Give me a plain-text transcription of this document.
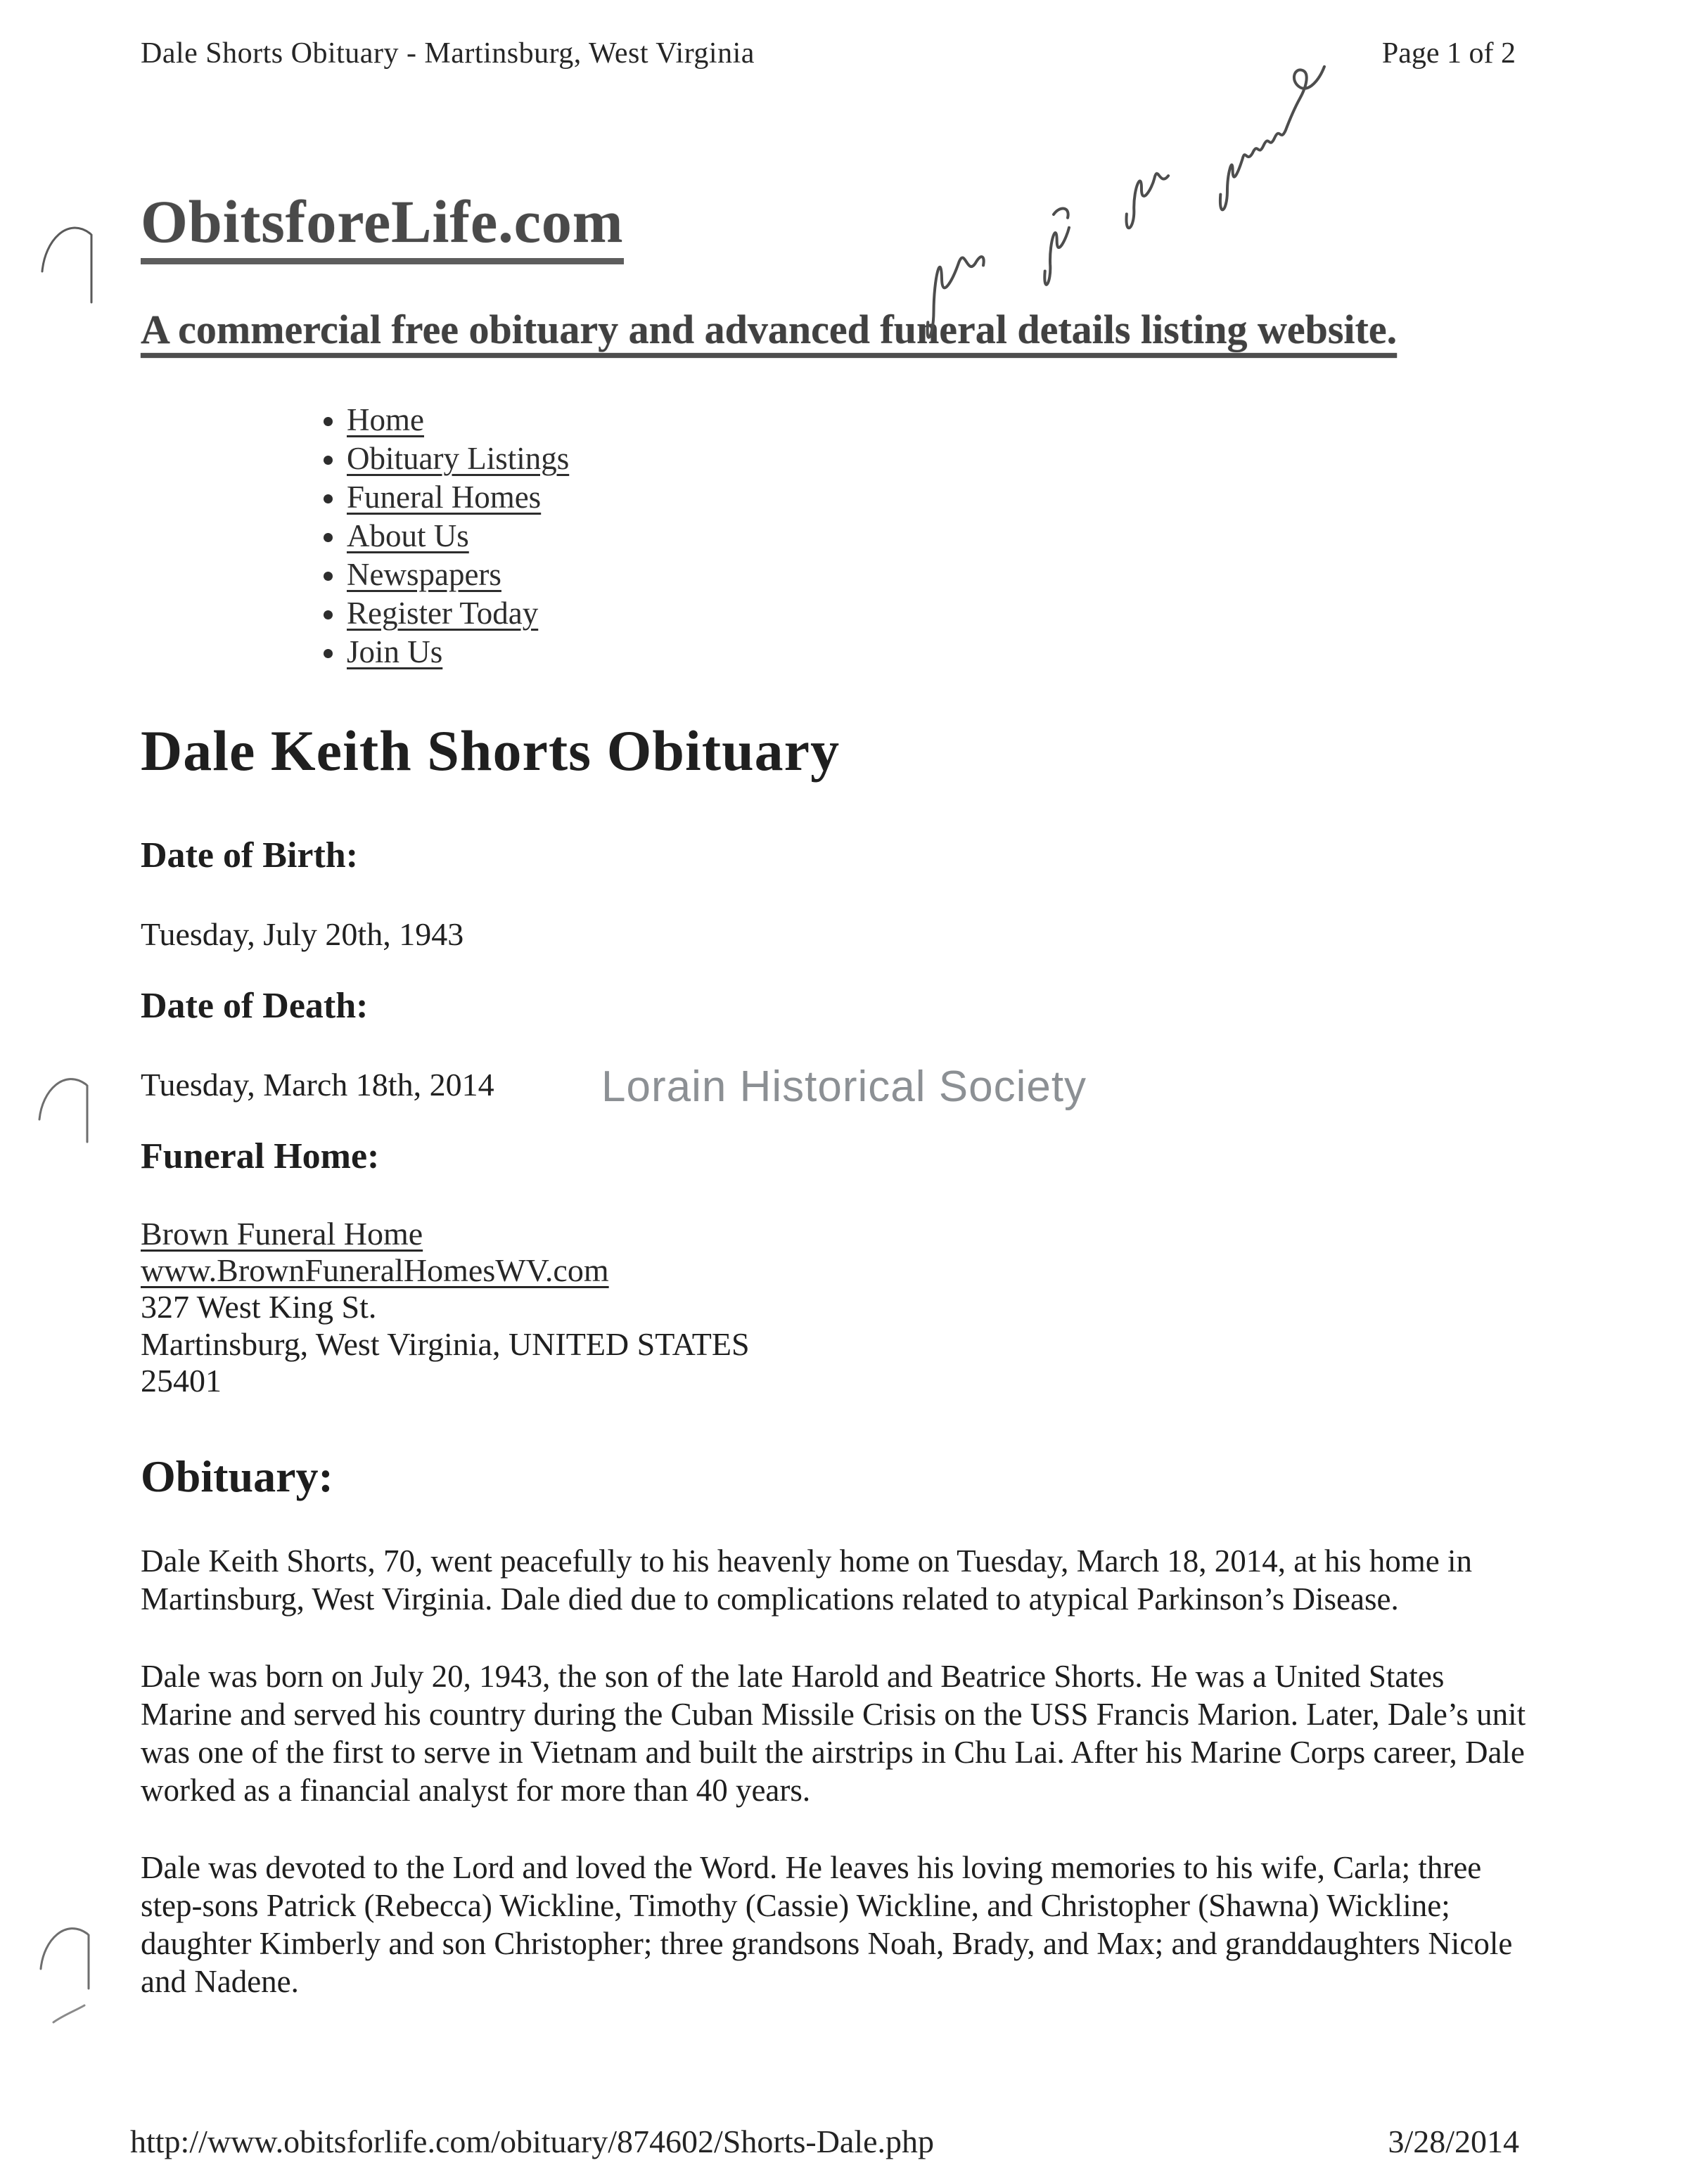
Dale Shorts Obituary - Martinsburg, West Virginia	Page 1 of 2
ObitsforeLife.com
A commercial free obituary and advanced funeral details listing website.
• Home
• Obituary Listings
• Funeral Homes
• About Us
• Newspapers
• Register Today
• Join Us
Dale Keith Shorts Obituary
Date of Birth:
Tuesday, July 20th, 1943
Date of Death:
Tuesday, March 18th, 2014 Lorain Historical Society
Funeral Home:
Brown Funeral Home
www.BrownFuneralHomesWV.com
327 West King St.
Martinsburg, West Virginia, UNITED STATES
25401
Obituary:

Dale Keith Shorts, 70, went peacefully to his heavenly home on Tuesday, March 18, 2014, at his home in Martinsburg, West Virginia. Dale died due to complications related to atypical Parkinson’s Disease.

Dale was born on July 20, 1943, the son of the late Harold and Beatrice Shorts. He was a United States Marine and served his country during the Cuban Missile Crisis on the USS Francis Marion. Later, Dale’s unit was one of the first to serve in Vietnam and built the airstrips in Chu Lai. After his Marine Corps career, Dale worked as a financial analyst for more than 40 years.

Dale was devoted to the Lord and loved the Word. He leaves his loving memories to his wife, Carla; three step-sons Patrick (Rebecca) Wickline, Timothy (Cassie) Wickline, and Christopher (Shawna) Wickline; daughter Kimberly and son Christopher; three grandsons Noah, Brady, and Max; and granddaughters Nicole and Nadene.

http://www.obitsforlife.com/obituary/874602/Shorts-Dale.php	3/28/2014
